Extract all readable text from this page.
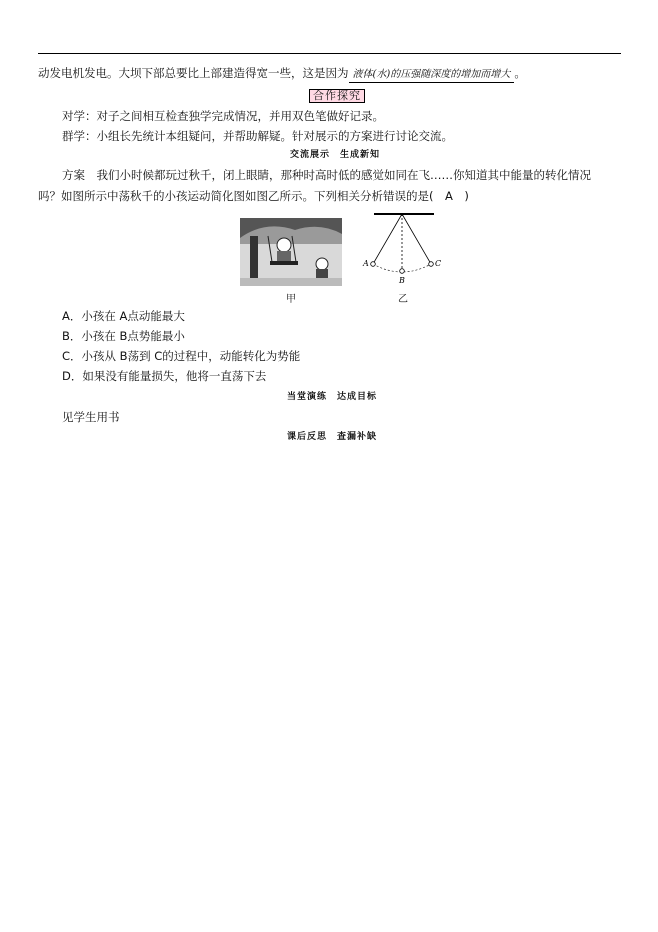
动发电机发电。大坝下部总要比上部建造得宽一些，这是因为 液体(水)的压强随深度的增加而增大 。
合作探究
对学：对子之间相互检查独学完成情况，并用双色笔做好记录。
群学：小组长先统计本组疑问，并帮助解疑。针对展示的方案进行讨论交流。
交流展示　生成新知
方案　我们小时候都玩过秋千，闭上眼睛，那种时高时低的感觉如同在飞……你知道其中能量的转化情况
吗？如图所示中荡秋千的小孩运动简化图如图乙所示。下列相关分析错误的是(　A　)
甲
A
B
C
乙
A．小孩在 A点动能最大
B．小孩在 B点势能最小
C．小孩从 B荡到 C的过程中，动能转化为势能
D．如果没有能量损失，他将一直荡下去
当堂演练　达成目标
见学生用书
课后反思　查漏补缺
